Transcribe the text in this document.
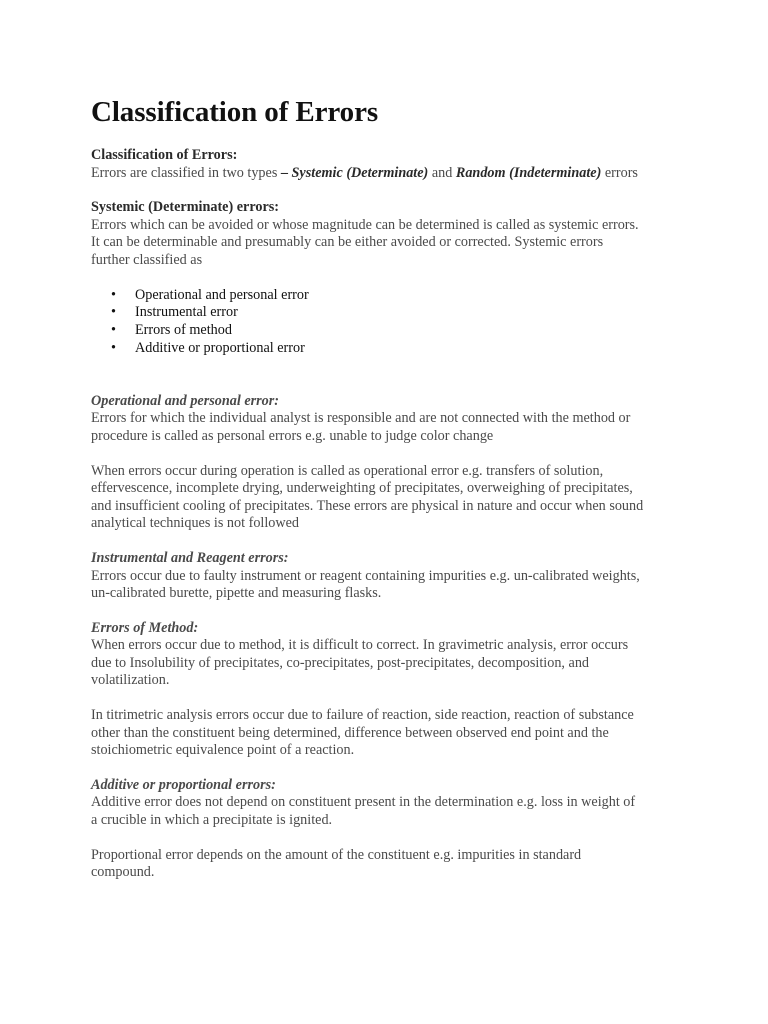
Classification of Errors
Classification of Errors:
Errors are classified in two types – Systemic (Determinate) and Random (Indeterminate) errors
Systemic (Determinate) errors:
Errors which can be avoided or whose magnitude can be determined is called as systemic errors.
It can be determinable and presumably can be either avoided or corrected. Systemic errors
further classified as
• Operational and personal error
• Instrumental error
• Errors of method
• Additive or proportional error
Operational and personal error:
Errors for which the individual analyst is responsible and are not connected with the method or
procedure is called as personal errors e.g. unable to judge color change
When errors occur during operation is called as operational error e.g. transfers of solution,
effervescence, incomplete drying, underweighting of precipitates, overweighing of precipitates,
and insufficient cooling of precipitates. These errors are physical in nature and occur when sound
analytical techniques is not followed
Instrumental and Reagent errors:
Errors occur due to faulty instrument or reagent containing impurities e.g. un-calibrated weights,
un-calibrated burette, pipette and measuring flasks.
Errors of Method:
When errors occur due to method, it is difficult to correct. In gravimetric analysis, error occurs
due to Insolubility of precipitates, co-precipitates, post-precipitates, decomposition, and
volatilization.
In titrimetric analysis errors occur due to failure of reaction, side reaction, reaction of substance
other than the constituent being determined, difference between observed end point and the
stoichiometric equivalence point of a reaction.
Additive or proportional errors:
Additive error does not depend on constituent present in the determination e.g. loss in weight of
a crucible in which a precipitate is ignited.
Proportional error depends on the amount of the constituent e.g. impurities in standard
compound.
